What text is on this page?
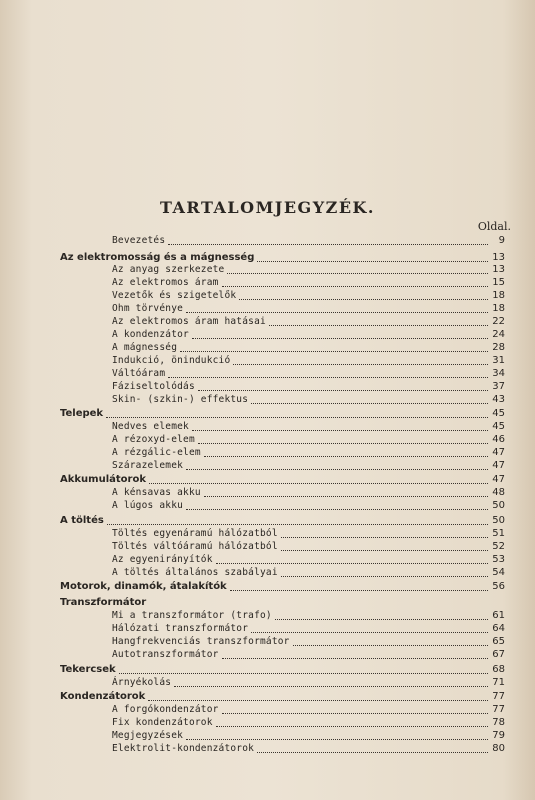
TARTALOMJEGYZÉK.
Oldal.
Bevezetés	9
Az elektromosság és a mágnesség	13
Az anyag szerkezete	13
Az elektromos áram	15
Vezetők és szigetelők	18
Ohm törvénye	18
Az elektromos áram hatásai	22
A kondenzátor	24
A mágnesség	28
Indukció, önindukció	31
Váltóáram	34
Fáziseltolódás	37
Skin- (szkin-) effektus	43
Telepek	45
Nedves elemek	45
A rézoxyd-elem	46
A rézgálic-elem	47
Szárazelemek	47
Akkumulátorok	47
A kénsavas akku	48
A lúgos akku	50
A töltés	50
Töltés egyenáramú hálózatból	51
Töltés váltóáramú hálózatból	52
Az egyenirányítók	53
A töltés általános szabályai	54
Motorok, dinamók, átalakítók	56
Transzformátor
Mi a transzformátor (trafo)	61
Hálózati transzformátor	64
Hangfrekvenciás transzformátor	65
Autotranszformátor	67
Tekercsek	68
Árnyékolás	71
Kondenzátorok	77
A forgókondenzátor	77
Fix kondenzátorok	78
Megjegyzések	79
Elektrolit-kondenzátorok	80
